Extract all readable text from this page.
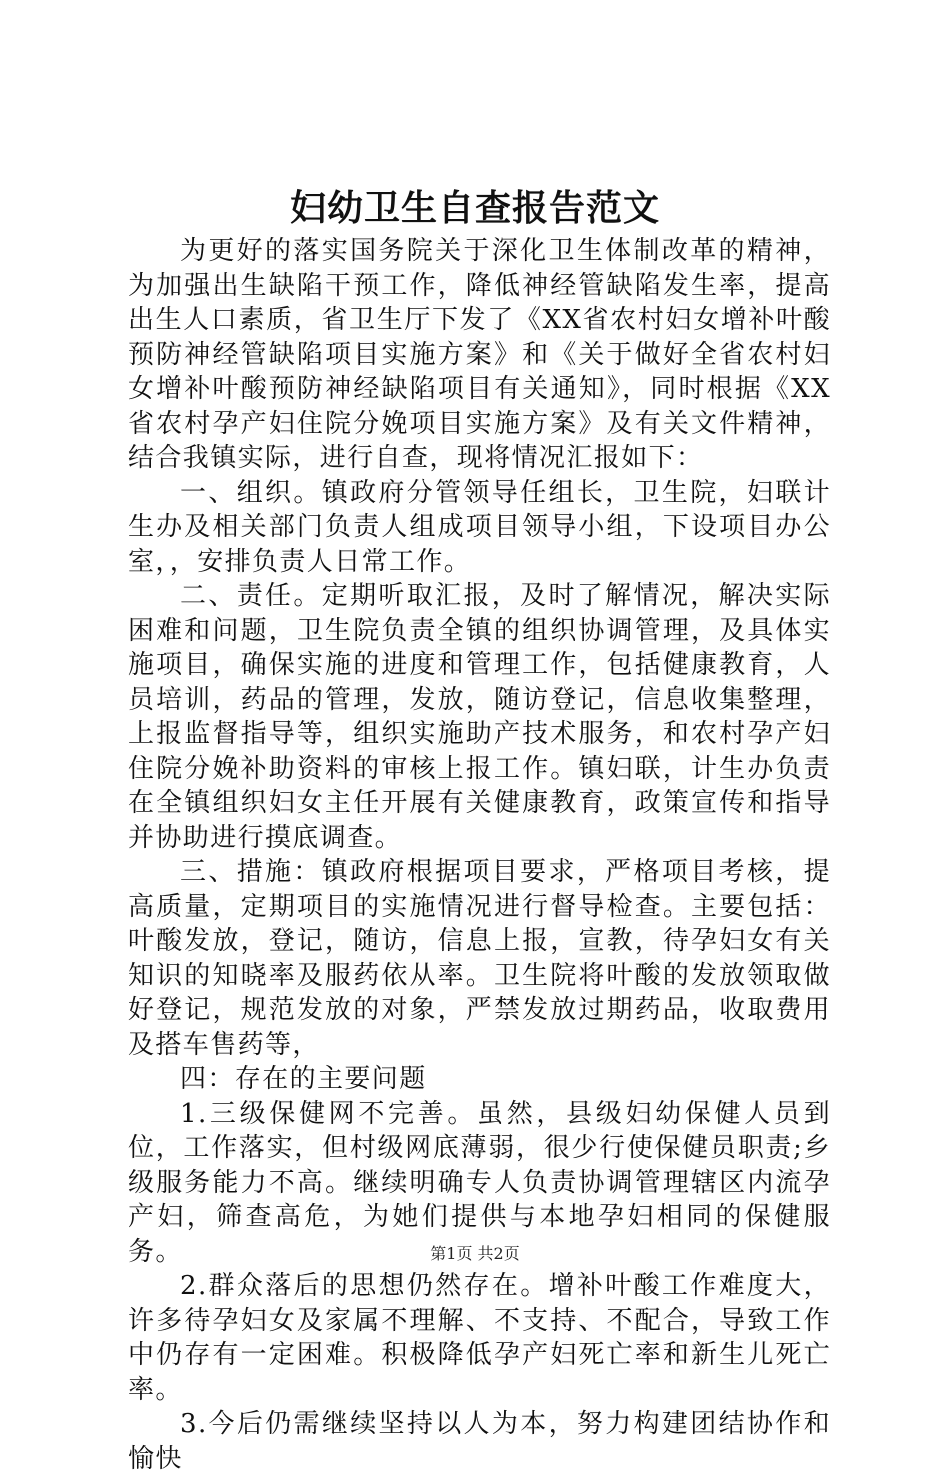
妇幼卫生自查报告范文

为更好的落实国务院关于深化卫生体制改革的精神，为加强出生缺陷干预工作，降低神经管缺陷发生率，提高出生人口素质，省卫生厅下发了《XX省农村妇女增补叶酸预防神经管缺陷项目实施方案》和《关于做好全省农村妇女增补叶酸预防神经缺陷项目有关通知》，同时根据《XX省农村孕产妇住院分娩项目实施方案》及有关文件精神，结合我镇实际，进行自查，现将情况汇报如下：

一、组织。镇政府分管领导任组长，卫生院，妇联计生办及相关部门负责人组成项目领导小组，下设项目办公室，，安排负责人日常工作。

二、责任。定期听取汇报，及时了解情况，解决实际困难和问题，卫生院负责全镇的组织协调管理，及具体实施项目，确保实施的进度和管理工作，包括健康教育，人员培训，药品的管理，发放，随访登记，信息收集整理，上报监督指导等，组织实施助产技术服务，和农村孕产妇住院分娩补助资料的审核上报工作。镇妇联，计生办负责在全镇组织妇女主任开展有关健康教育，政策宣传和指导并协助进行摸底调查。

三、措施：镇政府根据项目要求，严格项目考核，提高质量，定期项目的实施情况进行督导检查。主要包括：叶酸发放，登记，随访，信息上报，宣教，待孕妇女有关知识的知晓率及服药依从率。卫生院将叶酸的发放领取做好登记，规范发放的对象，严禁发放过期药品，收取费用及搭车售药等，

四：存在的主要问题

1.三级保健网不完善。虽然，县级妇幼保健人员到位，工作落实，但村级网底薄弱，很少行使保健员职责;乡级服务能力不高。继续明确专人负责协调管理辖区内流孕产妇，筛查高危，为她们提供与本地孕妇相同的保健服务。

2.群众落后的思想仍然存在。增补叶酸工作难度大，许多待孕妇女及家属不理解、不支持、不配合，导致工作中仍存有一定困难。积极降低孕产妇死亡率和新生儿死亡率。

3.今后仍需继续坚持以人为本，努力构建团结协作和愉快

第1页 共2页
